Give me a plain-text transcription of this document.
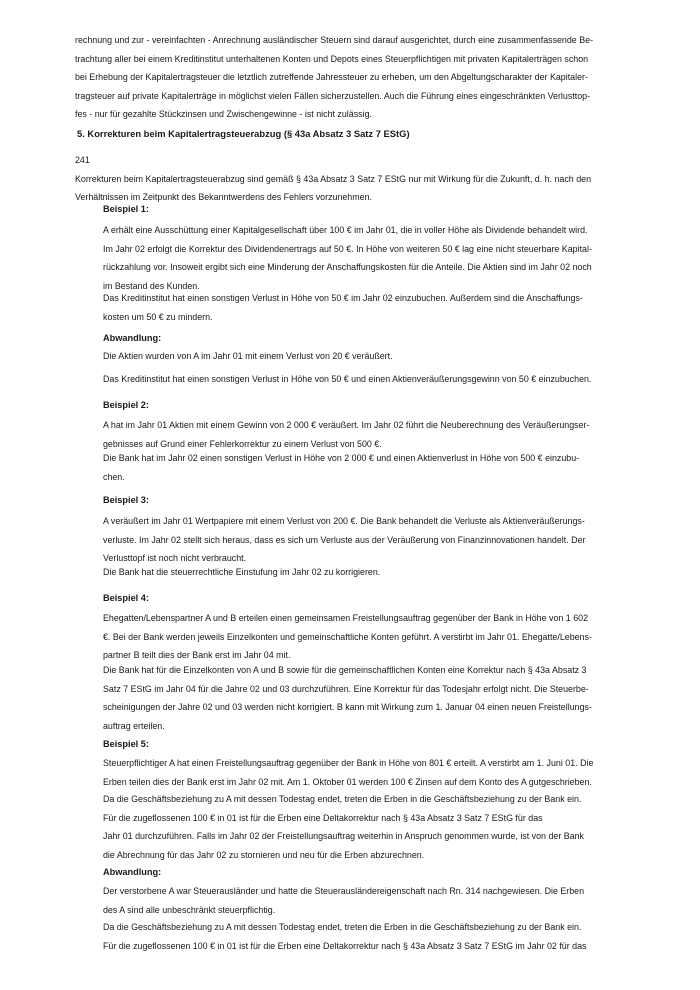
rechnung und zur - vereinfachten - Anrechnung ausländischer Steuern sind darauf ausgerichtet, durch eine zusammenfassende Be-

trachtung aller bei einem Kreditinstitut unterhaltenen Konten und Depots eines Steuerpflichtigen mit privaten Kapitalerträgen schon

bei Erhebung der Kapitalertragsteuer die letztlich zutreffende Jahressteuer zu erheben, um den Abgeltungscharakter der Kapitaler-

tragsteuer auf private Kapitalerträge in möglichst vielen Fällen sicherzustellen. Auch die Führung eines eingeschränkten Verlusttop-

fes - nur für gezahlte Stückzinsen und Zwischengewinne - ist nicht zulässig.

5. Korrekturen beim Kapitalertragsteuerabzug (§ 43a Absatz 3 Satz 7 EStG)

241

Korrekturen beim Kapitalertragsteuerabzug sind gemäß § 43a Absatz 3 Satz 7 EStG nur mit Wirkung für die Zukunft, d. h. nach den

Verhältnissen im Zeitpunkt des Bekanntwerdens des Fehlers vorzunehmen.

Beispiel 1:

A erhält eine Ausschüttung einer Kapitalgesellschaft über 100 € im Jahr 01, die in voller Höhe als Dividende behandelt wird.

Im Jahr 02 erfolgt die Korrektur des Dividendenertrags auf 50 €. In Höhe von weiteren 50 € lag eine nicht steuerbare Kapital-

rückzahlung vor. Insoweit ergibt sich eine Minderung der Anschaffungskosten für die Anteile. Die Aktien sind im Jahr 02 noch

im Bestand des Kunden.

Das Kreditinstitut hat einen sonstigen Verlust in Höhe von 50 € im Jahr 02 einzubuchen. Außerdem sind die Anschaffungs-

kosten um 50 € zu mindern.

Abwandlung:

Die Aktien wurden von A im Jahr 01 mit einem Verlust von 20 € veräußert.

Das Kreditinstitut hat einen sonstigen Verlust in Höhe von 50 € und einen Aktienveräußerungsgewinn von 50 € einzubuchen.

Beispiel 2:

A hat im Jahr 01 Aktien mit einem Gewinn von 2 000 € veräußert. Im Jahr 02 führt die Neuberechnung des Veräußerungser-

gebnisses auf Grund einer Fehlerkorrektur zu einem Verlust von 500 €.

Die Bank hat im Jahr 02 einen sonstigen Verlust in Höhe von 2 000 € und einen Aktienverlust in Höhe von 500 € einzubu-

chen.

Beispiel 3:

A veräußert im Jahr 01 Wertpapiere mit einem Verlust von 200 €. Die Bank behandelt die Verluste als Aktienveräußerungs-

verluste. Im Jahr 02 stellt sich heraus, dass es sich um Verluste aus der Veräußerung von Finanzinnovationen handelt. Der

Verlusttopf ist noch nicht verbraucht.

Die Bank hat die steuerrechtliche Einstufung im Jahr 02 zu korrigieren.

Beispiel 4:

Ehegatten/Lebenspartner A und B erteilen einen gemeinsamen Freistellungsauftrag gegenüber der Bank in Höhe von 1 602

€. Bei der Bank werden jeweils Einzelkonten und gemeinschaftliche Konten geführt. A verstirbt im Jahr 01. Ehegatte/Lebens-

partner B teilt dies der Bank erst im Jahr 04 mit.

Die Bank hat für die Einzelkonten von A und B sowie für die gemeinschaftlichen Konten eine Korrektur nach § 43a Absatz 3

Satz 7 EStG im Jahr 04 für die Jahre 02 und 03 durchzuführen. Eine Korrektur für das Todesjahr erfolgt nicht. Die Steuerbe-

scheinigungen der Jahre 02 und 03 werden nicht korrigiert. B kann mit Wirkung zum 1. Januar 04 einen neuen Freistellungs-

auftrag erteilen.

Beispiel 5:

Steuerpflichtiger A hat einen Freistellungsauftrag gegenüber der Bank in Höhe von 801 € erteilt. A verstirbt am 1. Juni 01. Die

Erben teilen dies der Bank erst im Jahr 02 mit. Am 1. Oktober 01 werden 100 € Zinsen auf dem Konto des A gutgeschrieben.

Da die Geschäftsbeziehung zu A mit dessen Todestag endet, treten die Erben in die Geschäftsbeziehung zu der Bank ein.

Für die zugeflossenen 100 € in 01 ist für die Erben eine Deltakorrektur nach § 43a Absatz 3 Satz 7 EStG für das

Jahr 01 durchzuführen. Falls im Jahr 02 der Freistellungsauftrag weiterhin in Anspruch genommen wurde, ist von der Bank

die Abrechnung für das Jahr 02 zu stornieren und neu für die Erben abzurechnen.

Abwandlung:

Der verstorbene A war Steuerausländer und hatte die Steuerausländereigenschaft nach Rn. 314 nachgewiesen. Die Erben

des A sind alle unbeschränkt steuerpflichtig.

Da die Geschäftsbeziehung zu A mit dessen Todestag endet, treten die Erben in die Geschäftsbeziehung zu der Bank ein.

Für die zugeflossenen 100 € in 01 ist für die Erben eine Deltakorrektur nach § 43a Absatz 3 Satz 7 EStG im Jahr 02 für das
